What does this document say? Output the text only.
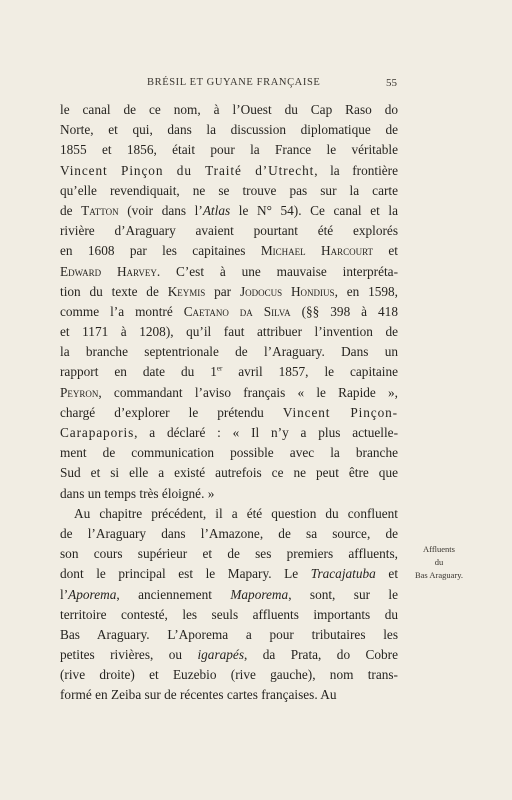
BRÉSIL ET GUYANE FRANÇAISE	55
le canal de ce nom, à l’Ouest du Cap Raso do
Norte, et qui, dans la discussion diplomatique de
1855 et 1856, était pour la France le véritable
Vincent Pinçon du Traité d’Utrecht, la frontière
qu’elle revendiquait, ne se trouve pas sur la carte
de Tatton (voir dans l’Atlas le N° 54). Ce canal et la
rivière d’Araguary avaient pourtant été explorés
en 1608 par les capitaines Michael Harcourt et
Edward Harvey. C’est à une mauvaise interpréta-
tion du texte de Keymis par Jodocus Hondius, en 1598,
comme l’a montré Caetano da Silva (§§ 398 à 418
et 1171 à 1208), qu’il faut attribuer l’invention de
la branche septentrionale de l’Araguary. Dans un
rapport en date du 1er avril 1857, le capitaine
Peyron, commandant l’aviso français « le Rapide »,
chargé d’explorer le prétendu Vincent Pinçon-
Carapaporis, a déclaré : « Il n’y a plus actuelle-
ment de communication possible avec la branche
Sud et si elle a existé autrefois ce ne peut être que
dans un temps très éloigné. »
Au chapitre précédent, il a été question du confluent
de l’Araguary dans l’Amazone, de sa source, de
son cours supérieur et de ses premiers affluents,
dont le principal est le Mapary. Le Tracajatuba et
l’Aporema, anciennement Maporema, sont, sur le
territoire contesté, les seuls affluents importants du
Bas Araguary. L’Aporema a pour tributaires les
petites rivières, ou igarapés, da Prata, do Cobre
(rive droite) et Euzebio (rive gauche), nom trans-
formé en Zeiba sur de récentes cartes françaises. Au
Affluents
du
Bas Araguary.
